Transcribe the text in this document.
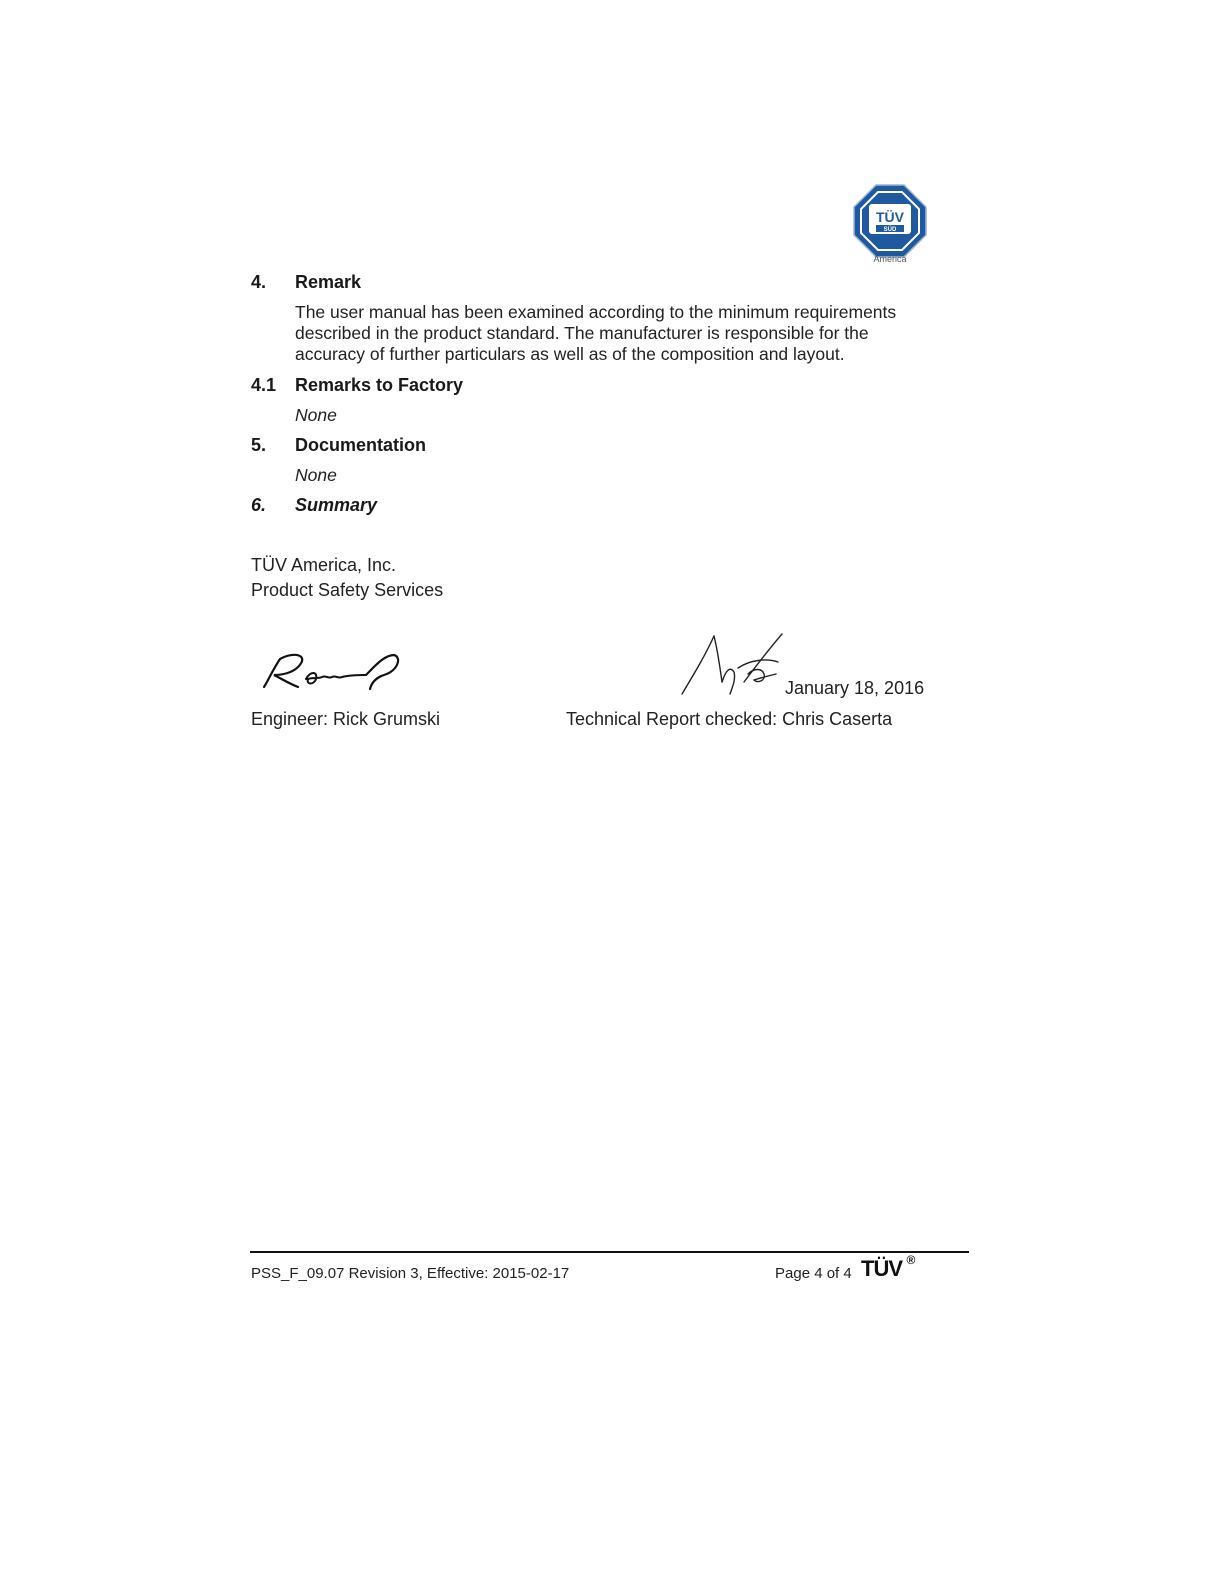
TÜV
SÜD
America
4. Remark
The user manual has been examined according to the minimum requirements described in the product standard. The manufacturer is responsible for the accuracy of further particulars as well as of the composition and layout.
4.1 Remarks to Factory
None
5. Documentation
None
6. Summary
TÜV America, Inc.
Product Safety Services
January 18, 2016
Engineer: Rick Grumski	Technical Report checked: Chris Caserta
PSS_F_09.07 Revision 3, Effective: 2015-02-17	Page 4 of 4 TÜV ®
